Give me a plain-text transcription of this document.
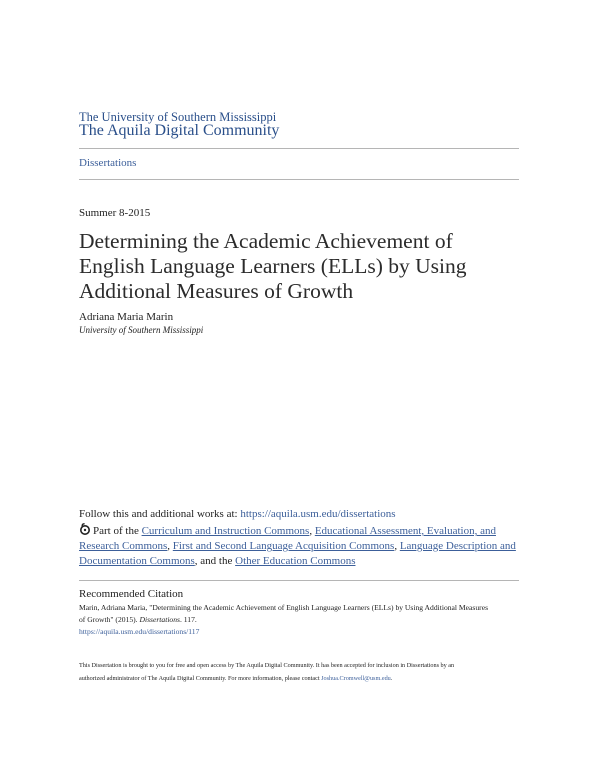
The University of Southern Mississippi
The Aquila Digital Community
Dissertations
Summer 8-2015
Determining the Academic Achievement of
English Language Learners (ELLs) by Using
Additional Measures of Growth
Adriana Maria Marin
University of Southern Mississippi
Follow this and additional works at: https://aquila.usm.edu/dissertations
Part of the Curriculum and Instruction Commons, Educational Assessment, Evaluation, and
Research Commons, First and Second Language Acquisition Commons, Language Description and
Documentation Commons, and the Other Education Commons
Recommended Citation
Marin, Adriana Maria, "Determining the Academic Achievement of English Language Learners (ELLs) by Using Additional Measures
of Growth" (2015). Dissertations. 117.
https://aquila.usm.edu/dissertations/117
This Dissertation is brought to you for free and open access by The Aquila Digital Community. It has been accepted for inclusion in Dissertations by an
authorized administrator of The Aquila Digital Community. For more information, please contact Joshua.Cromwell@usm.edu.
